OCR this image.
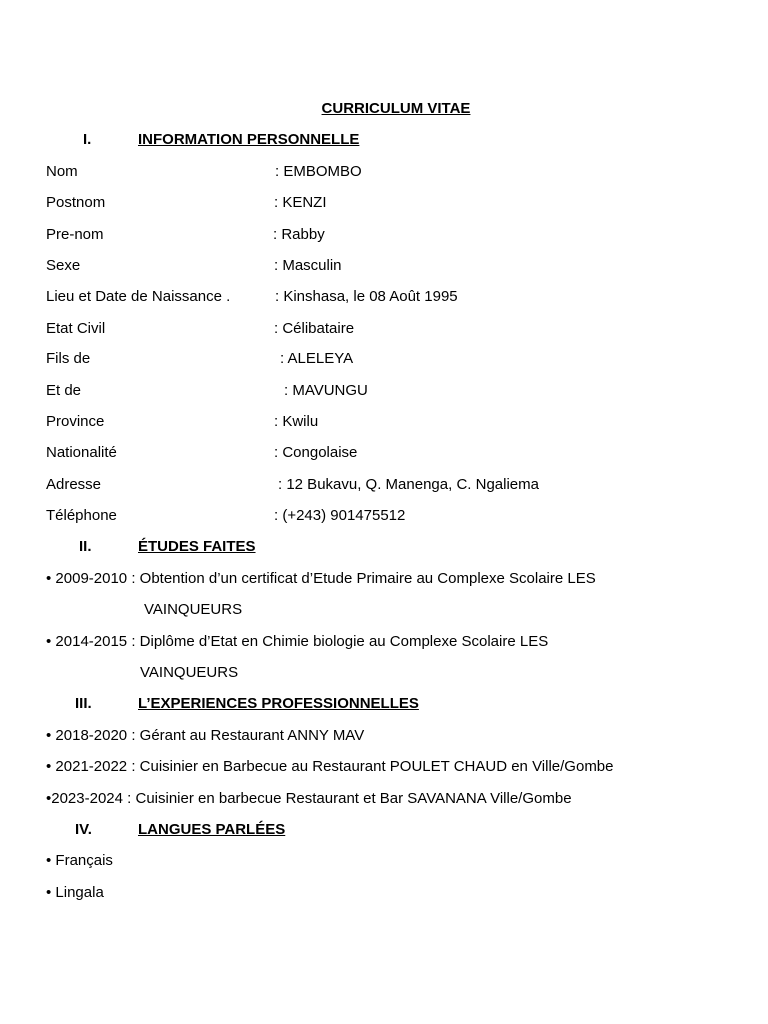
CURRICULUM VITAE
I.	INFORMATION PERSONNELLE
Nom	: EMBOMBO
Postnom	: KENZI
Pre-nom	: Rabby
Sexe	: Masculin
Lieu et Date de Naissance .	: Kinshasa, le 08 Août 1995
Etat Civil	: Célibataire
Fils de	: ALELEYA
Et de	: MAVUNGU
Province	: Kwilu
Nationalité	: Congolaise
Adresse	: 12 Bukavu, Q. Manenga, C. Ngaliema
Téléphone	: (+243) 901475512
II.	ÉTUDES FAITES
• 2009-2010 : Obtention d’un certificat d’Etude Primaire au Complexe Scolaire LES
VAINQUEURS
• 2014-2015 : Diplôme d’Etat en Chimie biologie au Complexe Scolaire LES
VAINQUEURS
III.	L’EXPERIENCES PROFESSIONNELLES
• 2018-2020 : Gérant au Restaurant ANNY MAV
• 2021-2022 : Cuisinier en Barbecue au Restaurant POULET CHAUD en Ville/Gombe
•2023-2024 : Cuisinier en barbecue Restaurant et Bar SAVANANA Ville/Gombe
IV.	LANGUES PARLÉES
• Français
• Lingala
